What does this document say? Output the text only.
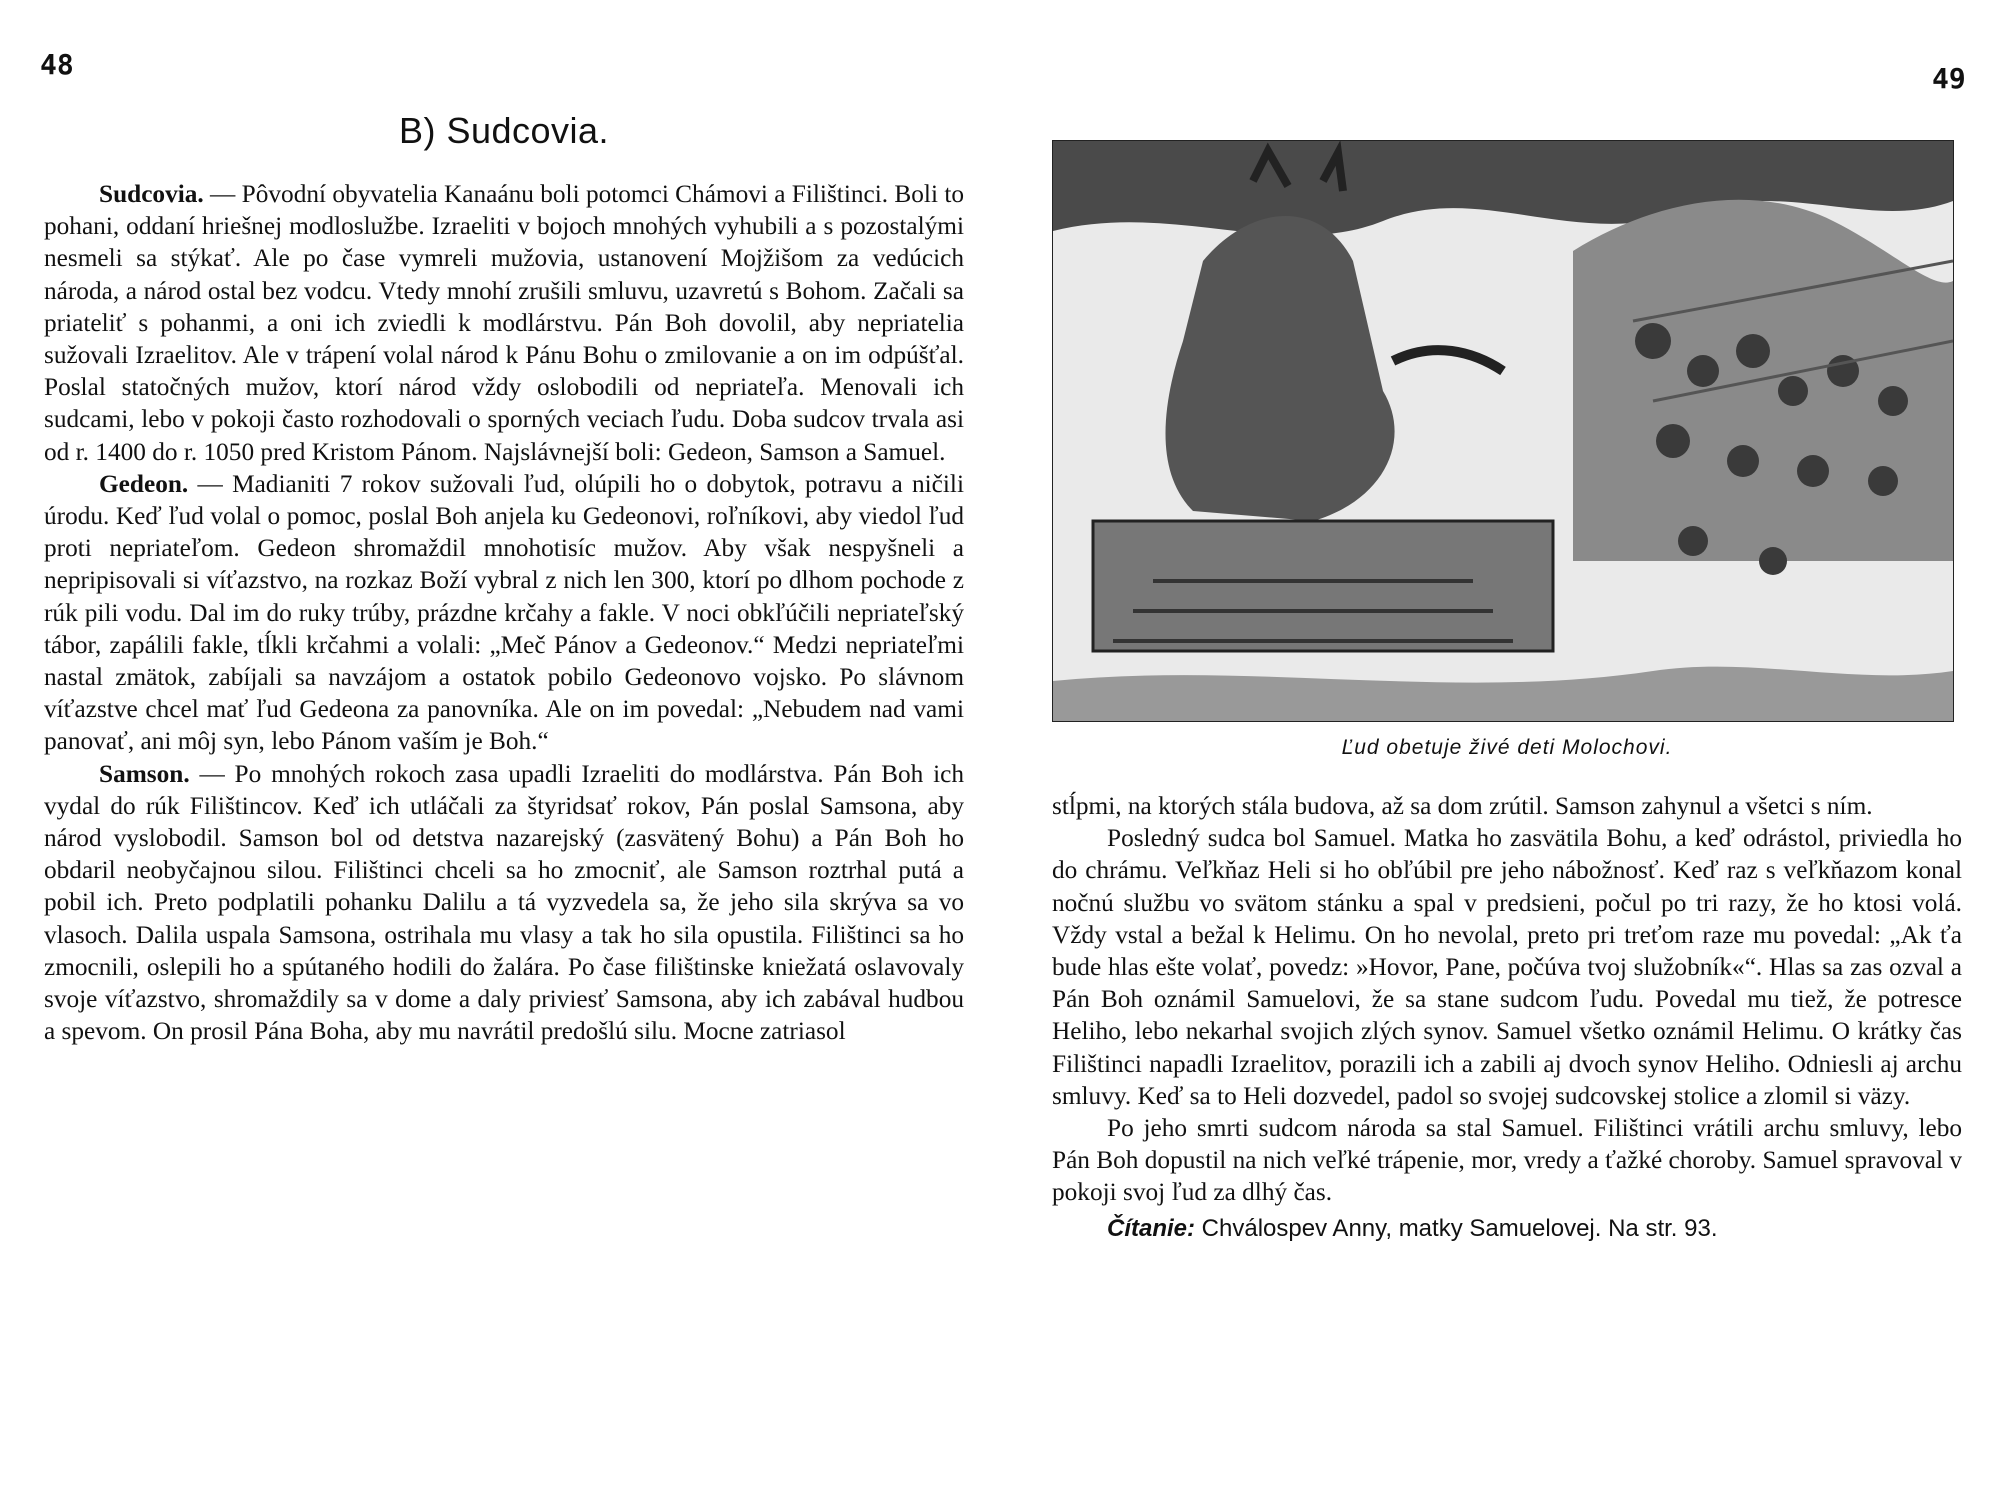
48	49
B) Sudcovia.

Sudcovia. — Pôvodní obyvatelia Kanaánu boli potomci Chámovi a Filištinci. Boli to pohani, oddaní hriešnej modloslužbe. Izraeliti v bojoch mnohých vyhubili a s pozostalými nesmeli sa stýkať. Ale po čase vymreli mužovia, ustanovení Mojžišom za vedúcich národa, a národ ostal bez vodcu. Vtedy mnohí zrušili smluvu, uzavretú s Bohom. Začali sa priateliť s pohanmi, a oni ich zviedli k modlárstvu. Pán Boh dovolil, aby nepriatelia sužovali Izraelitov. Ale v trápení volal národ k Pánu Bohu o zmilovanie a on im odpúšťal. Poslal statočných mužov, ktorí národ vždy oslobodili od nepriateľa. Menovali ich sudcami, lebo v pokoji často rozhodovali o sporných veciach ľudu. Doba sudcov trvala asi od r. 1400 do r. 1050 pred Kristom Pánom. Najslávnejší boli: Gedeon, Samson a Samuel.

Gedeon. — Madianiti 7 rokov sužovali ľud, olúpili ho o dobytok, potravu a ničili úrodu. Keď ľud volal o pomoc, poslal Boh anjela ku Gedeonovi, roľníkovi, aby viedol ľud proti nepriateľom. Gedeon shromaždil mnohotisíc mužov. Aby však nespyšneli a nepripisovali si víťazstvo, na rozkaz Boží vybral z nich len 300, ktorí po dlhom pochode z rúk pili vodu. Dal im do ruky trúby, prázdne krčahy a fakle. V noci obkľúčili nepriateľský tábor, zapálili fakle, tĺkli krčahmi a volali: „Meč Pánov a Gedeonov.“ Medzi nepriateľmi nastal zmätok, zabíjali sa navzájom a ostatok pobilo Gedeonovo vojsko. Po slávnom víťazstve chcel mať ľud Gedeona za panovníka. Ale on im povedal: „Nebudem nad vami panovať, ani môj syn, lebo Pánom vaším je Boh.“

Samson. — Po mnohých rokoch zasa upadli Izraeliti do modlárstva. Pán Boh ich vydal do rúk Filištincov. Keď ich utláčali za štyridsať rokov, Pán poslal Samsona, aby národ vyslobodil. Samson bol od detstva nazarejský (zasvätený Bohu) a Pán Boh ho obdaril neobyčajnou silou. Filištinci chceli sa ho zmocniť, ale Samson roztrhal putá a pobil ich. Preto podplatili pohanku Dalilu a tá vyzvedela sa, že jeho sila skrýva sa vo vlasoch. Dalila uspala Samsona, ostrihala mu vlasy a tak ho sila opustila. Filištinci sa ho zmocnili, oslepili ho a spútaného hodili do žalára. Po čase filištinske kniežatá oslavovaly svoje víťazstvo, shromaždily sa v dome a daly priviesť Samsona, aby ich zabával hudbou a spevom. On prosil Pána Boha, aby mu navrátil predošlú silu. Mocne zatriasol

Ľud obetuje živé deti Molochovi.

stĺpmi, na ktorých stála budova, až sa dom zrútil. Samson zahynul a všetci s ním.

Posledný sudca bol Samuel. Matka ho zasvätila Bohu, a keď odrástol, priviedla ho do chrámu. Veľkňaz Heli si ho obľúbil pre jeho nábožnosť. Keď raz s veľkňazom konal nočnú službu vo svätom stánku a spal v predsieni, počul po tri razy, že ho ktosi volá. Vždy vstal a bežal k Helimu. On ho nevolal, preto pri treťom raze mu povedal: „Ak ťa bude hlas ešte volať, povedz: »Hovor, Pane, počúva tvoj služobník«“. Hlas sa zas ozval a Pán Boh oznámil Samuelovi, že sa stane sudcom ľudu. Povedal mu tiež, že potresce Heliho, lebo nekarhal svojich zlých synov. Samuel všetko oznámil Helimu. O krátky čas Filištinci napadli Izraelitov, porazili ich a zabili aj dvoch synov Heliho. Odniesli aj archu smluvy. Keď sa to Heli dozvedel, padol so svojej sudcovskej stolice a zlomil si väzy.

Po jeho smrti sudcom národa sa stal Samuel. Filištinci vrátili archu smluvy, lebo Pán Boh dopustil na nich veľké trápenie, mor, vredy a ťažké choroby. Samuel spravoval v pokoji svoj ľud za dlhý čas.

Čítanie: Chválospev Anny, matky Samuelovej. Na str. 93.
